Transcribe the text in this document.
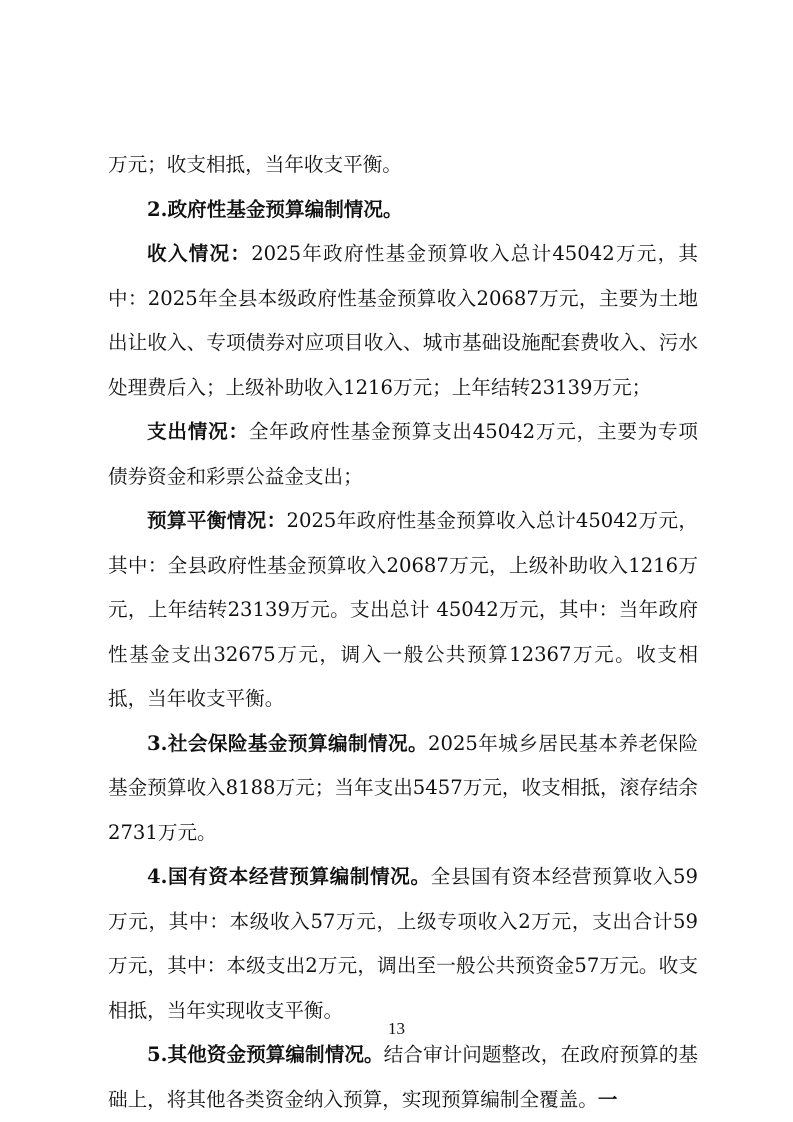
万元；收支相抵，当年收支平衡。

2.政府性基金预算编制情况。

收入情况：2025年政府性基金预算收入总计45042万元，其中：2025年全县本级政府性基金预算收入20687万元，主要为土地出让收入、专项债券对应项目收入、城市基础设施配套费收入、污水处理费后入；上级补助收入1216万元；上年结转23139万元；

支出情况：全年政府性基金预算支出45042万元，主要为专项债券资金和彩票公益金支出；

预算平衡情况：2025年政府性基金预算收入总计45042万元，其中：全县政府性基金预算收入20687万元，上级补助收入1216万元，上年结转23139万元。支出总计 45042万元，其中：当年政府性基金支出32675万元，调入一般公共预算12367万元。收支相抵，当年收支平衡。

3.社会保险基金预算编制情况。2025年城乡居民基本养老保险基金预算收入8188万元；当年支出5457万元，收支相抵，滚存结余2731万元。

4.国有资本经营预算编制情况。全县国有资本经营预算收入59万元，其中：本级收入57万元，上级专项收入2万元，支出合计59万元，其中：本级支出2万元，调出至一般公共预资金57万元。收支相抵，当年实现收支平衡。

5.其他资金预算编制情况。结合审计问题整改，在政府预算的基础上，将其他各类资金纳入预算，实现预算编制全覆盖。一

13
